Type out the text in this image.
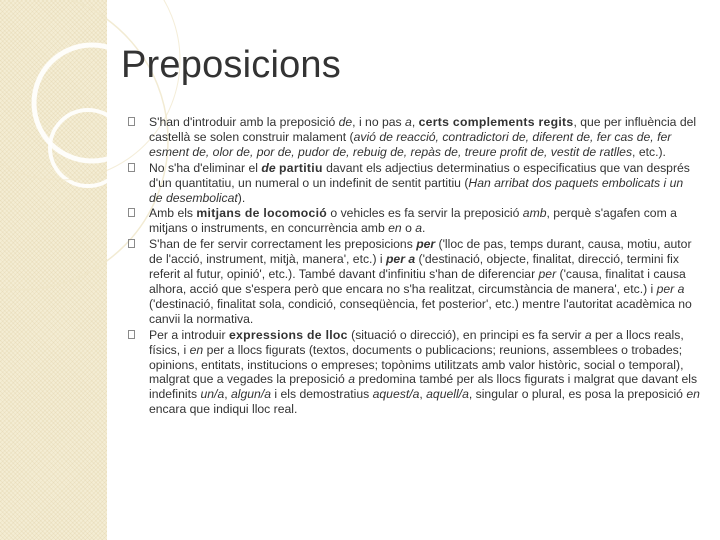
Preposicions
S'han d'introduir amb la preposició de, i no pas a, certs complements regits, que per influència del castellà se solen construir malament (avió de reacció, contradictori de, diferent de, fer cas de, fer esment de, olor de, por de, pudor de, rebuig de, repàs de, treure profit de, vestit de ratlles, etc.).
No s'ha d'eliminar el de partitiu davant els adjectius determinatius o especificatius que van després d'un quantitatiu, un numeral o un indefinit de sentit partitiu (Han arribat dos paquets embolicats i un de desembolicat).
Amb els mitjans de locomoció o vehicles es fa servir la preposició amb, perquè s'agafen com a mitjans o instruments, en concurrència amb en o a.
S'han de fer servir correctament les preposicions per ('lloc de pas, temps durant, causa, motiu, autor de l'acció, instrument, mitjà, manera', etc.) i per a ('destinació, objecte, finalitat, direcció, termini fix referit al futur, opinió', etc.). També davant d'infinitiu s'han de diferenciar per ('causa, finalitat i causa alhora, acció que s'espera però que encara no s'ha realitzat, circumstància de manera', etc.) i per a ('destinació, finalitat sola, condició, conseqüència, fet posterior', etc.) mentre l'autoritat acadèmica no canvii la normativa.
Per a introduir expressions de lloc (situació o direcció), en principi es fa servir a per a llocs reals, físics, i en per a llocs figurats (textos, documents o publicacions; reunions, assemblees o trobades; opinions, entitats, institucions o empreses; topònims utilitzats amb valor històric, social o temporal), malgrat que a vegades la preposició a predomina també per als llocs figurats i malgrat que davant els indefinits un/a, algun/a i els demostratius aquest/a, aquell/a, singular o plural, es posa la preposició en encara que indiqui lloc real.
